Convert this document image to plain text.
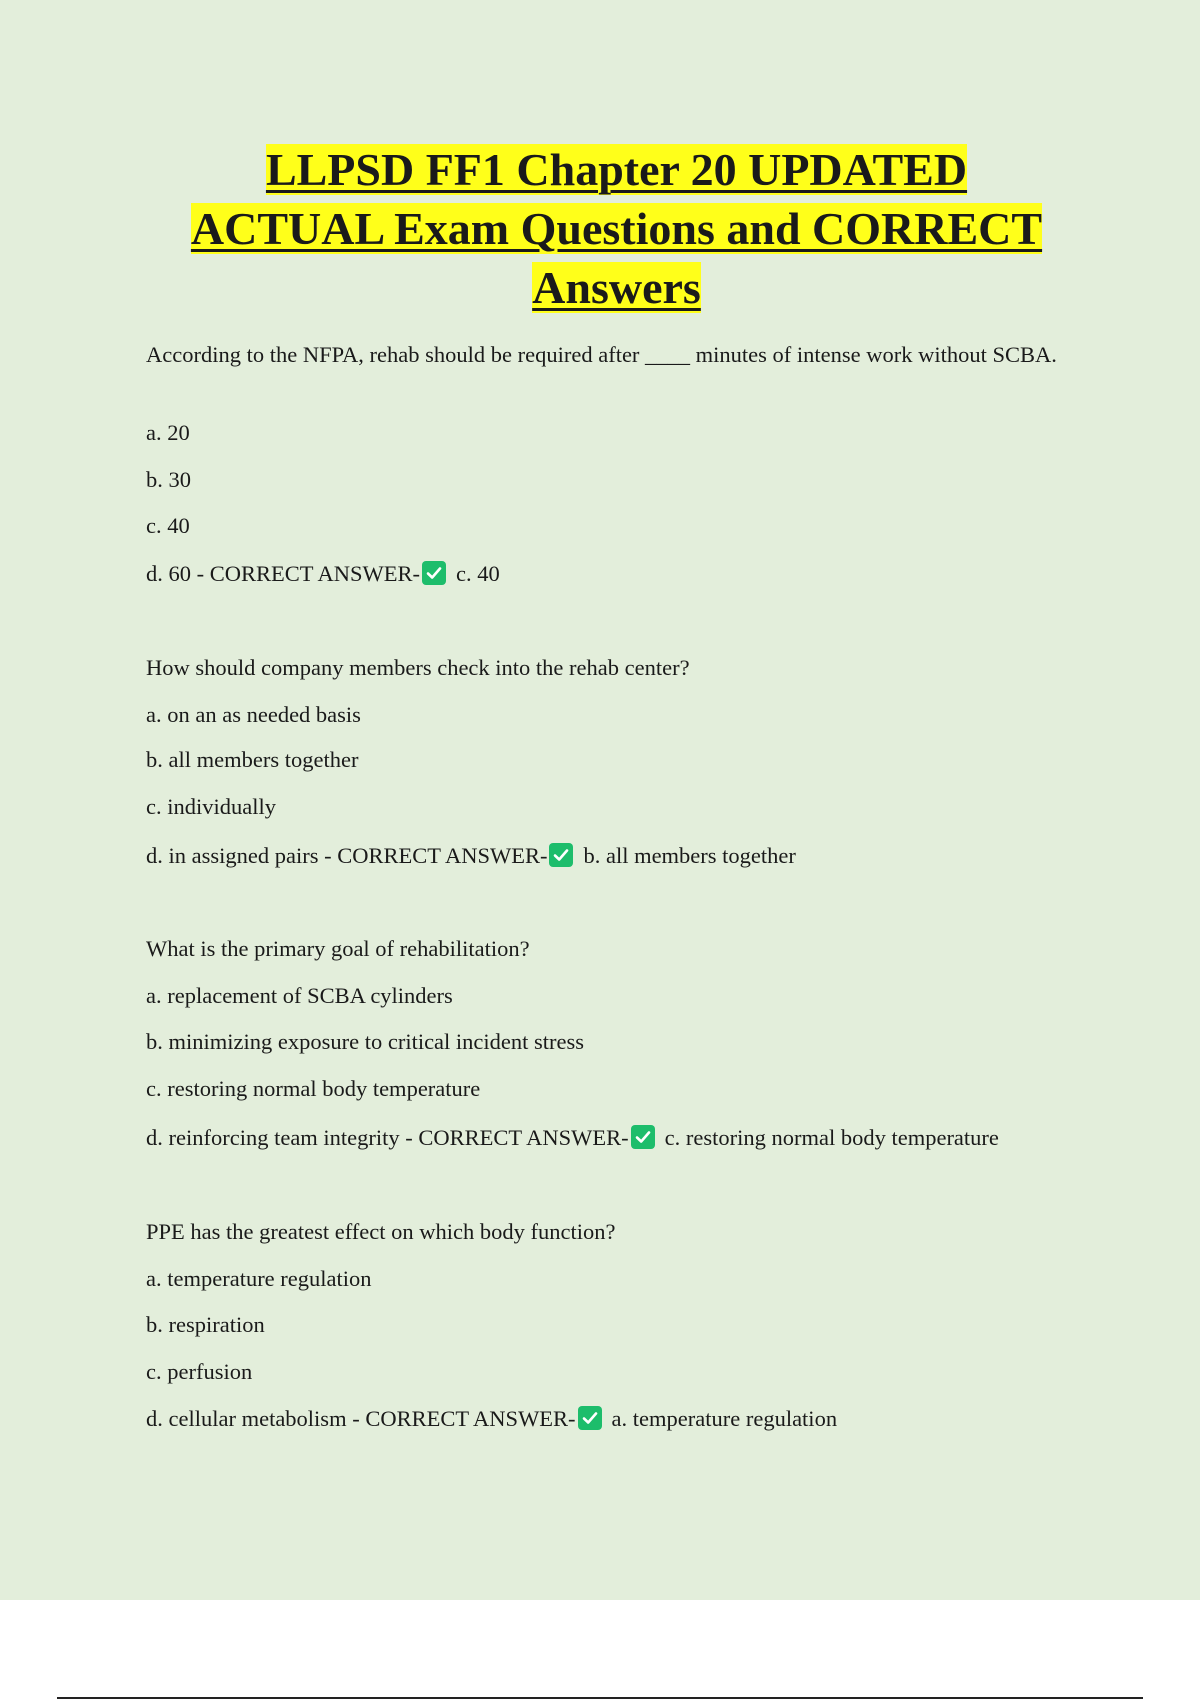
LLPSD FF1 Chapter 20 UPDATED
ACTUAL Exam Questions and CORRECT
Answers
According to the NFPA, rehab should be required after ____ minutes of intense work without SCBA.
a. 20
b. 30
c. 40
d. 60 - CORRECT ANSWER- c. 40
How should company members check into the rehab center?
a. on an as needed basis
b. all members together
c. individually
d. in assigned pairs - CORRECT ANSWER- b. all members together
What is the primary goal of rehabilitation?
a. replacement of SCBA cylinders
b. minimizing exposure to critical incident stress
c. restoring normal body temperature
d. reinforcing team integrity - CORRECT ANSWER- c. restoring normal body temperature
PPE has the greatest effect on which body function?
a. temperature regulation
b. respiration
c. perfusion
d. cellular metabolism - CORRECT ANSWER- a. temperature regulation
